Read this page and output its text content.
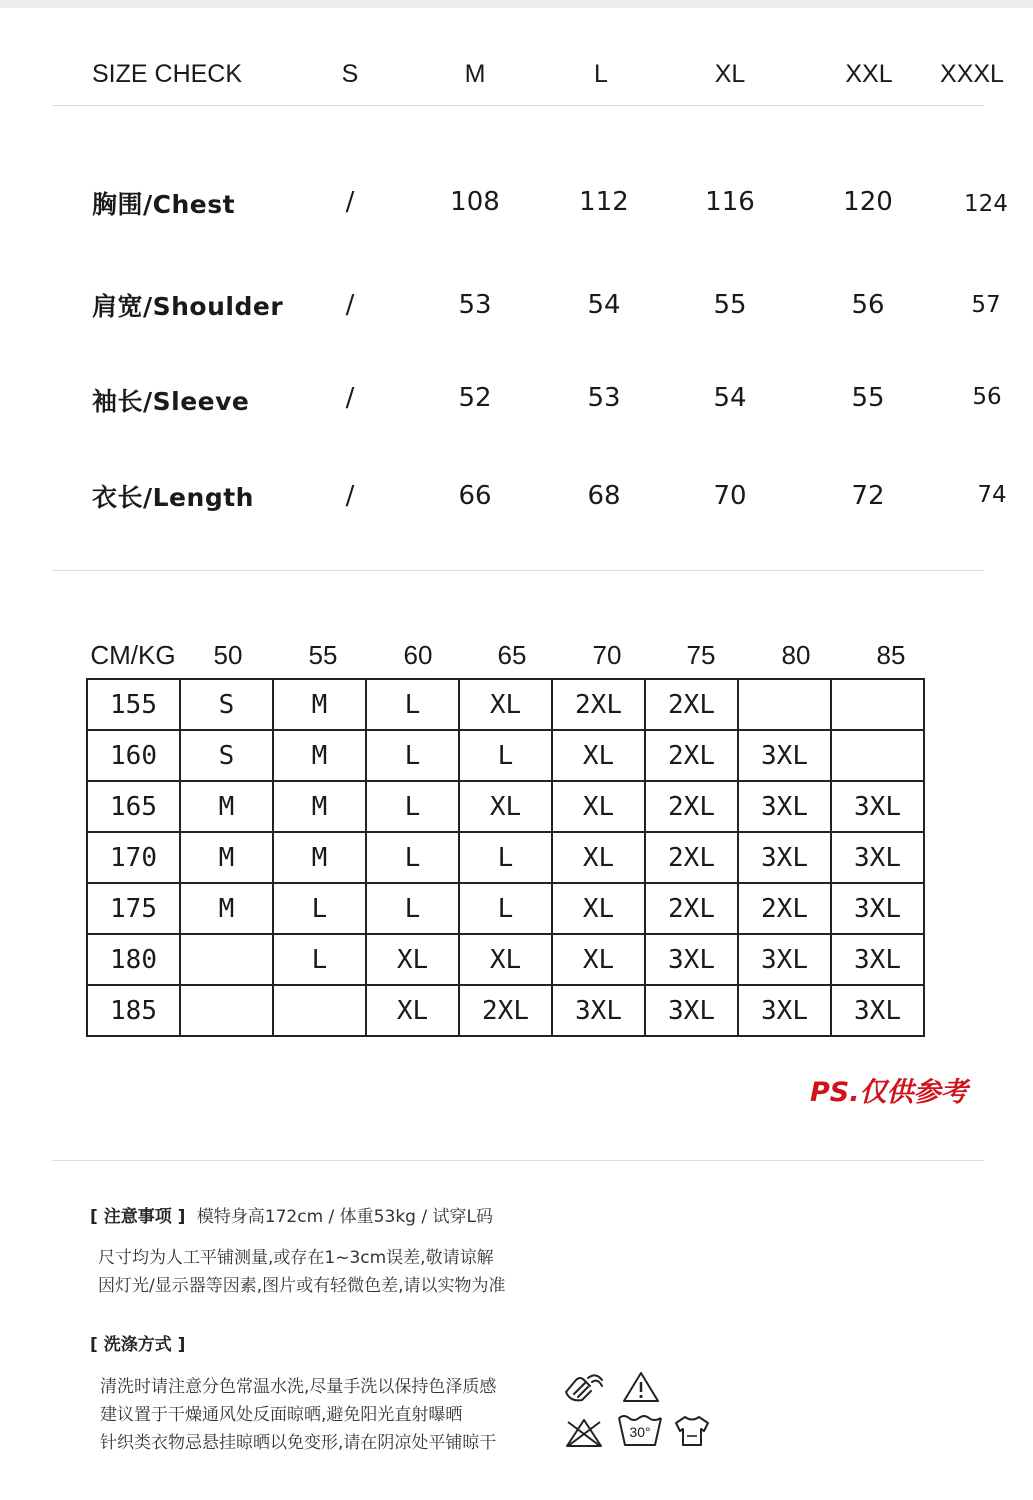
SIZE CHECK	S	M	L	XL	XXL	XXXL
胸围/Chest	/	108	112	116	120	124
肩宽/Shoulder	/	53	54	55	56	57
袖长/Sleeve	/	52	53	54	55	56
衣长/Length	/	66	68	70	72	74
CM/KG	50	55	60	65	70	75	80	85
155	S	M	L	XL	2XL	2XL		
160	S	M	L	L	XL	2XL	3XL	
165	M	M	L	XL	XL	2XL	3XL	3XL
170	M	M	L	L	XL	2XL	3XL	3XL
175	M	L	L	L	XL	2XL	2XL	3XL
180		L	XL	XL	XL	3XL	3XL	3XL
185			XL	2XL	3XL	3XL	3XL	3XL
PS.仅供参考
[ 注意事项 ] 模特身高172cm / 体重53kg / 试穿L码
尺寸均为人工平铺测量,或存在1~3cm误差,敬请谅解
因灯光/显示器等因素,图片或有轻微色差,请以实物为准
[ 洗涤方式 ]
清洗时请注意分色常温水洗,尽量手洗以保持色泽质感
建议置于干燥通风处反面晾晒,避免阳光直射曝晒
针织类衣物忌悬挂晾晒以免变形,请在阴凉处平铺晾干
30°
